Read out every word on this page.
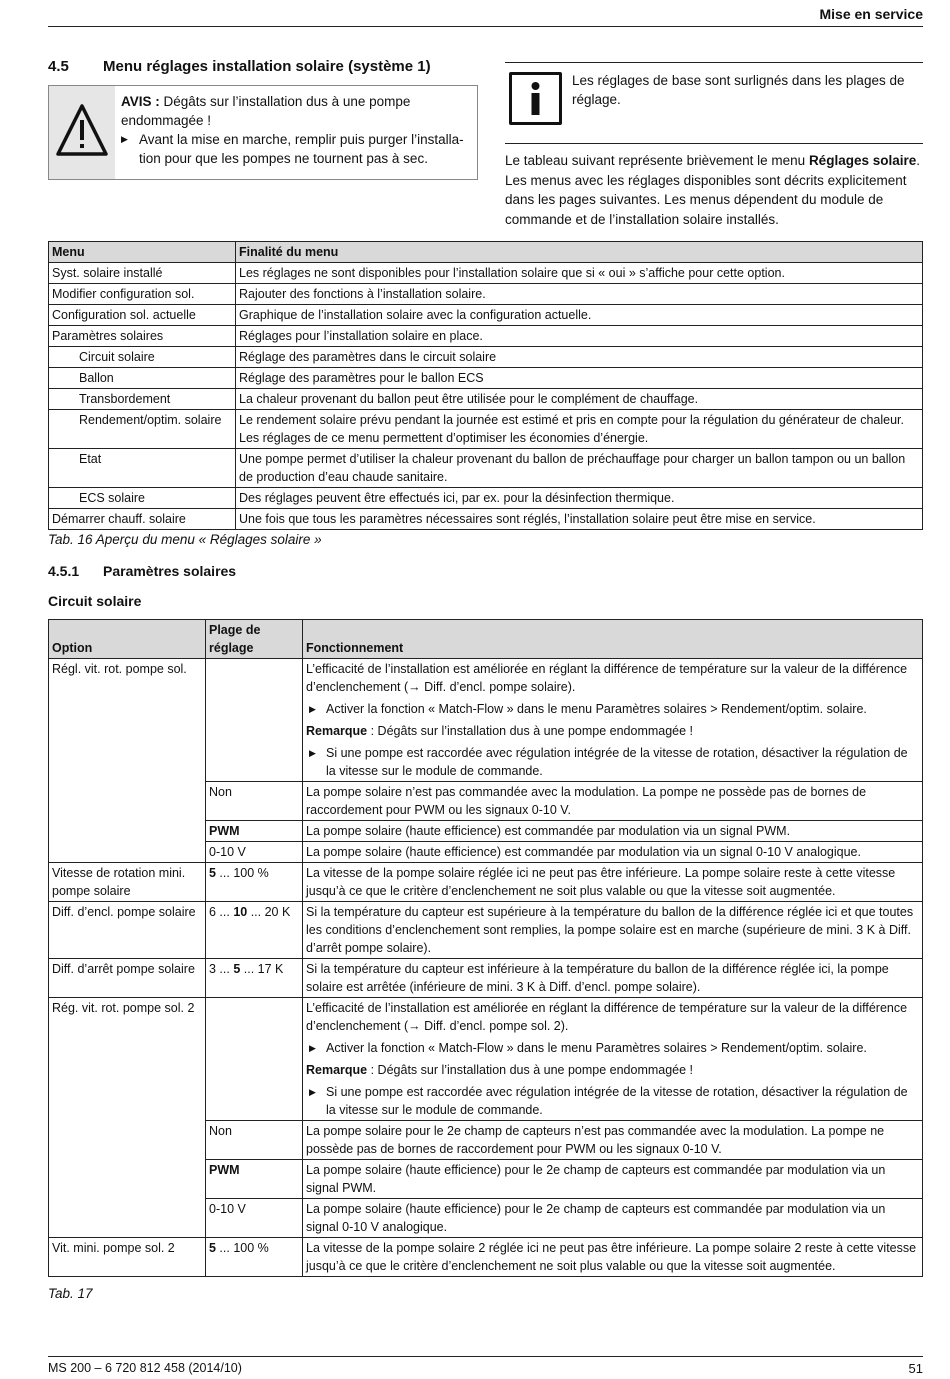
Mise en service
4.5 Menu réglages installation solaire (système 1)
AVIS : Dégâts sur l’installation dus à une pompe endommagée !
▶ Avant la mise en marche, remplir puis purger l’installation pour que les pompes ne tournent pas à sec.
Les réglages de base sont surlignés dans les plages de réglage.
Le tableau suivant représente brièvement le menu Réglages solaire. Les menus avec les réglages disponibles sont décrits explicitement dans les pages suivantes. Les menus dépendent du module de commande et de l’installation solaire installés.
Menu	Finalité du menu
Syst. solaire installé	Les réglages ne sont disponibles pour l’installation solaire que si « oui » s’affiche pour cette option.
Modifier configuration sol.	Rajouter des fonctions à l’installation solaire.
Configuration sol. actuelle	Graphique de l’installation solaire avec la configuration actuelle.
Paramètres solaires	Réglages pour l’installation solaire en place.
Circuit solaire	Réglage des paramètres dans le circuit solaire
Ballon	Réglage des paramètres pour le ballon ECS
Transbordement	La chaleur provenant du ballon peut être utilisée pour le complément de chauffage.
Rendement/optim. solaire	Le rendement solaire prévu pendant la journée est estimé et pris en compte pour la régulation du générateur de chaleur. Les réglages de ce menu permettent d’optimiser les économies d’énergie.
Etat	Une pompe permet d’utiliser la chaleur provenant du ballon de préchauffage pour charger un ballon tampon ou un ballon de production d’eau chaude sanitaire.
ECS solaire	Des réglages peuvent être effectués ici, par ex. pour la désinfection thermique.
Démarrer chauff. solaire	Une fois que tous les paramètres nécessaires sont réglés, l’installation solaire peut être mise en service.
Tab. 16 Aperçu du menu « Réglages solaire »
4.5.1 Paramètres solaires
Circuit solaire
Option	Plage de réglage	Fonctionnement
Régl. vit. rot. pompe sol.		L’efficacité de l’installation est améliorée en réglant la différence de température sur la valeur de la différence d’enclenchement (→ Diff. d’encl. pompe solaire).
▶ Activer la fonction « Match-Flow » dans le menu Paramètres solaires > Rendement/optim. solaire.
Remarque : Dégâts sur l’installation dus à une pompe endommagée !
▶ Si une pompe est raccordée avec régulation intégrée de la vitesse de rotation, désactiver la régulation de la vitesse sur le module de commande.

	Non	La pompe solaire n’est pas commandée avec la modulation. La pompe ne possède pas de bornes de raccordement pour PWM ou les signaux 0-10 V.
	PWM	La pompe solaire (haute efficience) est commandée par modulation via un signal PWM.
	0-10 V	La pompe solaire (haute efficience) est commandée par modulation via un signal 0-10 V analogique.
Vitesse de rotation mini. pompe solaire	5 ... 100 %	La vitesse de la pompe solaire réglée ici ne peut pas être inférieure. La pompe solaire reste à cette vitesse jusqu’à ce que le critère d’enclenchement ne soit plus valable ou que la vitesse soit augmentée.
Diff. d’encl. pompe solaire	6 ... 10 ... 20 K	Si la température du capteur est supérieure à la température du ballon de la différence réglée ici et que toutes les conditions d’enclenchement sont remplies, la pompe solaire est en marche (supérieure de mini. 3 K à Diff. d’arrêt pompe solaire).
Diff. d’arrêt pompe solaire	3 ... 5 ... 17 K	Si la température du capteur est inférieure à la température du ballon de la différence réglée ici, la pompe solaire est arrêtée (inférieure de mini. 3 K à Diff. d’encl. pompe solaire).
Rég. vit. rot. pompe sol. 2		L’efficacité de l’installation est améliorée en réglant la différence de température sur la valeur de la différence d’enclenchement (→ Diff. d’encl. pompe sol. 2).
▶ Activer la fonction « Match-Flow » dans le menu Paramètres solaires > Rendement/optim. solaire.
Remarque : Dégâts sur l’installation dus à une pompe endommagée !
▶ Si une pompe est raccordée avec régulation intégrée de la vitesse de rotation, désactiver la régulation de la vitesse sur le module de commande.

	Non	La pompe solaire pour le 2e champ de capteurs n’est pas commandée avec la modulation. La pompe ne possède pas de bornes de raccordement pour PWM ou les signaux 0-10 V.
	PWM	La pompe solaire (haute efficience) pour le 2e champ de capteurs est commandée par modulation via un signal PWM.
	0-10 V	La pompe solaire (haute efficience) pour le 2e champ de capteurs est commandée par modulation via un signal 0-10 V analogique.
Vit. mini. pompe sol. 2	5 ... 100 %	La vitesse de la pompe solaire 2 réglée ici ne peut pas être inférieure. La pompe solaire 2 reste à cette vitesse jusqu’à ce que le critère d’enclenchement ne soit plus valable ou que la vitesse soit augmentée.
Tab. 17
MS 200 – 6 720 812 458 (2014/10)	51
